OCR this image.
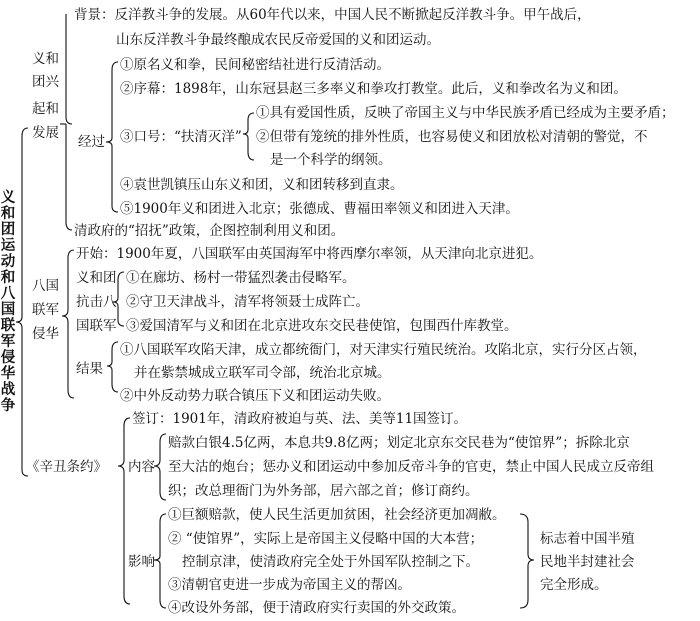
义和团运动和八国联军侵华战争
义和
团兴
起和
发展
背景：反洋教斗争的发展。从60年代以来，中国人民不断掀起反洋教斗争。甲午战后，
山东反洋教斗争最终酿成农民反帝爱国的义和团运动。
经过
①原名义和拳，民间秘密结社进行反清活动。
②序幕：1898年，山东冠县赵三多率义和拳攻打教堂。此后，义和拳改名为义和团。
③口号：“扶清灭洋”
①具有爱国性质，反映了帝国主义与中华民族矛盾已经成为主要矛盾；
②但带有笼统的排外性质，也容易使义和团放松对清朝的警觉，不
是一个科学的纲领。
④袁世凯镇压山东义和团，义和团转移到直隶。
⑤1900年义和团进入北京；张德成、曹福田率领义和团进入天津。
清政府的“招抚”政策，企图控制利用义和团。
八国
联军
侵华
开始：1900年夏，八国联军由英国海军中将西摩尔率领，从天津向北京进犯。
义和团
抗击八
国联军
①在廊坊、杨村一带猛烈袭击侵略军。
②守卫天津战斗，清军将领聂士成阵亡。
③爱国清军与义和团在北京进攻东交民巷使馆，包围西什库教堂。
结果
①八国联军攻陷天津，成立都统衙门，对天津实行殖民统治。攻陷北京，实行分区占领，
并在紫禁城成立联军司令部，统治北京城。
②中外反动势力联合镇压下义和团运动失败。
《辛丑条约》
签订：1901年，清政府被迫与英、法、美等11国签订。
内容
赔款白银4.5亿两，本息共9.8亿两；划定北京东交民巷为“使馆界”；拆除北京
至大沽的炮台；惩办义和团运动中参加反帝斗争的官吏，禁止中国人民成立反帝组
织；改总理衙门为外务部，居六部之首；修订商约。
影响
①巨额赔款，使人民生活更加贫困，社会经济更加凋敝。
② “使馆界”，实际上是帝国主义侵略中国的大本营；
控制京津，使清政府完全处于外国军队控制之下。
③清朝官吏进一步成为帝国主义的帮凶。
④改设外务部，便于清政府实行卖国的外交政策。
标志着中国半殖
民地半封建社会
完全形成。
